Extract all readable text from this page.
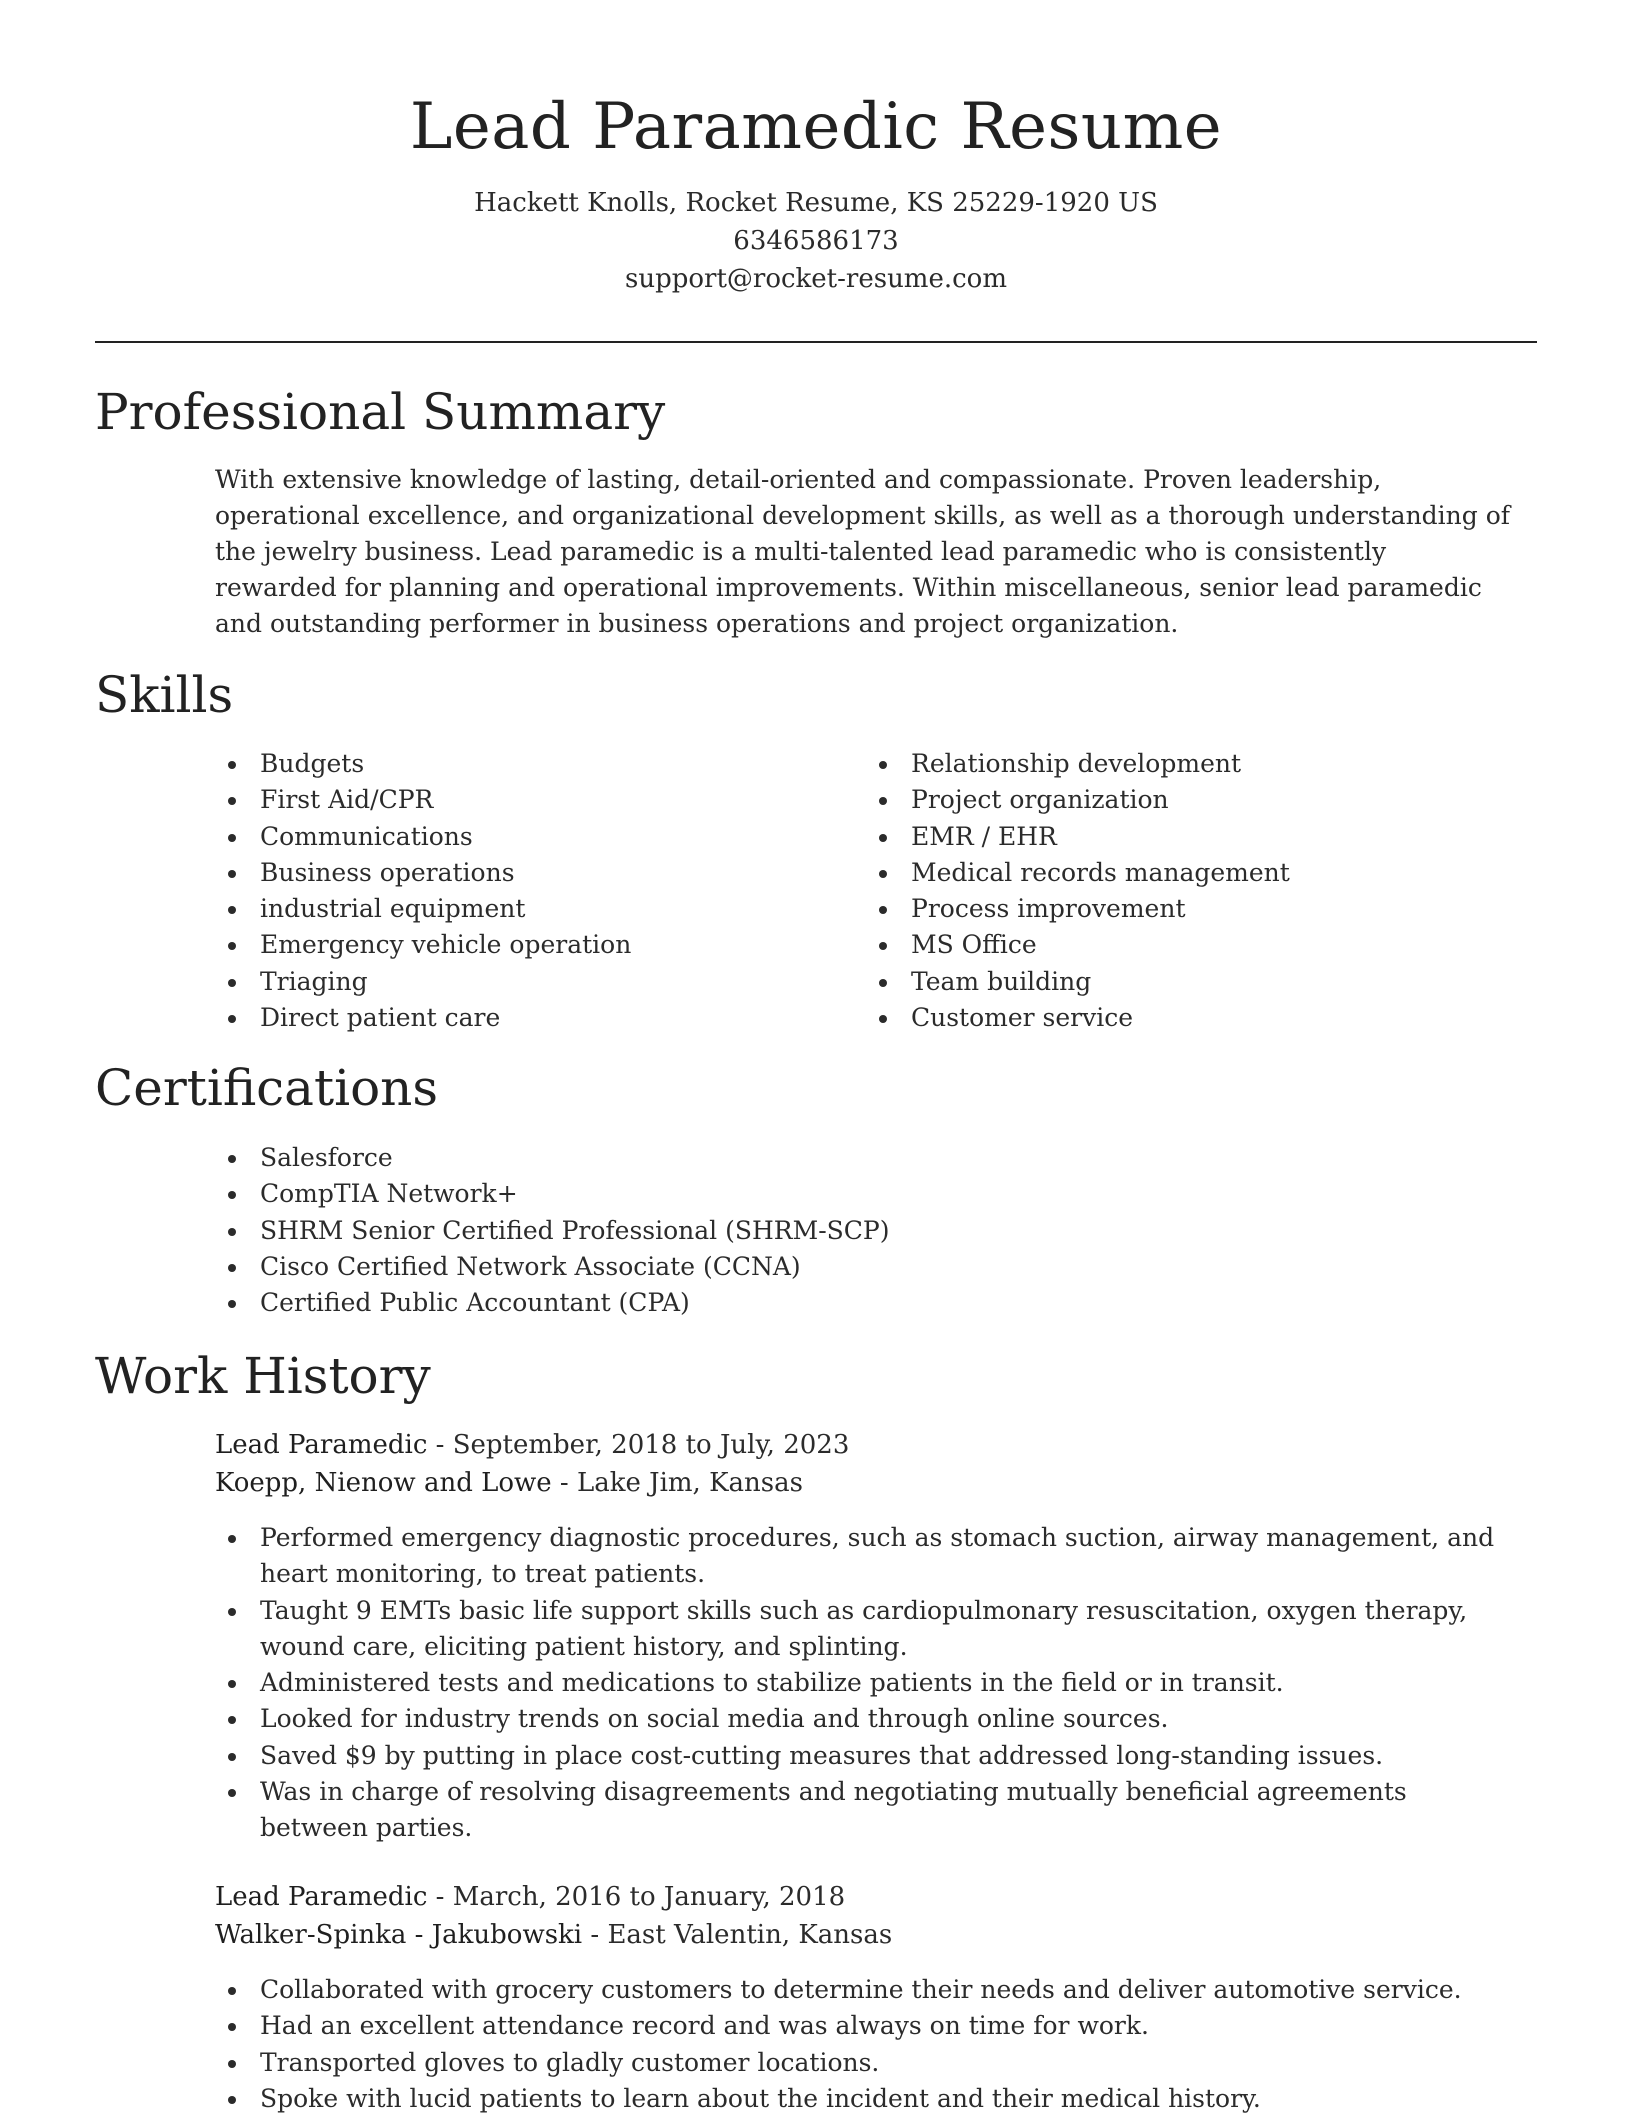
Lead Paramedic Resume
Hackett Knolls, Rocket Resume, KS 25229-1920 US
6346586173
support@rocket-resume.com
Professional Summary

With extensive knowledge of lasting, detail-oriented and compassionate. Proven leadership, operational excellence, and organizational development skills, as well as a thorough understanding of the jewelry business. Lead paramedic is a multi-talented lead paramedic who is consistently rewarded for planning and operational improvements. Within miscellaneous, senior lead paramedic and outstanding performer in business operations and project organization.

Skills
Budgets
First Aid/CPR
Communications
Business operations
industrial equipment
Emergency vehicle operation
Triaging
Direct patient care
Relationship development
Project organization
EMR / EHR
Medical records management
Process improvement
MS Office
Team building
Customer service
Certifications
Salesforce
CompTIA Network+
SHRM Senior Certified Professional (SHRM-SCP)
Cisco Certified Network Associate (CCNA)
Certified Public Accountant (CPA)
Work History
Lead Paramedic - September, 2018 to July, 2023
Koepp, Nienow and Lowe - Lake Jim, Kansas
Performed emergency diagnostic procedures, such as stomach suction, airway management, and heart monitoring, to treat patients.
Taught 9 EMTs basic life support skills such as cardiopulmonary resuscitation, oxygen therapy, wound care, eliciting patient history, and splinting.
Administered tests and medications to stabilize patients in the field or in transit.
Looked for industry trends on social media and through online sources.
Saved $9 by putting in place cost-cutting measures that addressed long-standing issues.
Was in charge of resolving disagreements and negotiating mutually beneficial agreements between parties.
Lead Paramedic - March, 2016 to January, 2018
Walker-Spinka - Jakubowski - East Valentin, Kansas
Collaborated with grocery customers to determine their needs and deliver automotive service.
Had an excellent attendance record and was always on time for work.
Transported gloves to gladly customer locations.
Spoke with lucid patients to learn about the incident and their medical history.
